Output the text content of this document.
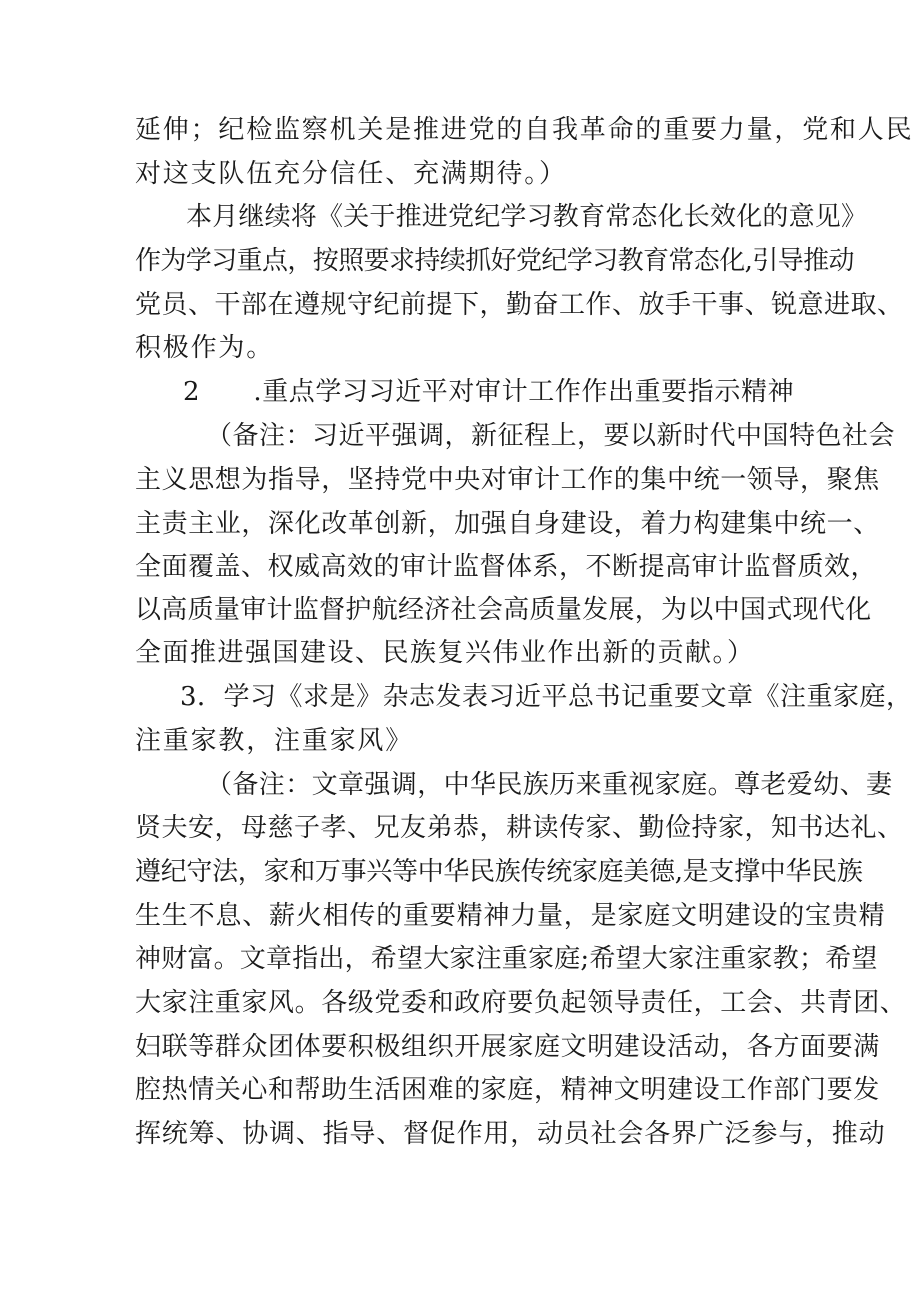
延伸；纪检监察机关是推进党的自我革命的重要力量，党和人民
对这支队伍充分信任、充满期待。）
本月继续将《关于推进党纪学习教育常态化长效化的意见》
作为学习重点，按照要求持续抓好党纪学习教育常态化,引导推动
党员、干部在遵规守纪前提下，勤奋工作、放手干事、锐意进取、
积极作为。
2　　.重点学习习近平对审计工作作出重要指示精神
（备注：习近平强调，新征程上，要以新时代中国特色社会
主义思想为指导，坚持党中央对审计工作的集中统一领导，聚焦
主责主业，深化改革创新，加强自身建设，着力构建集中统一、
全面覆盖、权威高效的审计监督体系，不断提高审计监督质效，
以高质量审计监督护航经济社会高质量发展，为以中国式现代化
全面推进强国建设、民族复兴伟业作出新的贡献。）
3．学习《求是》杂志发表习近平总书记重要文章《注重家庭，
注重家教，注重家风》
（备注：文章强调，中华民族历来重视家庭。尊老爱幼、妻
贤夫安，母慈子孝、兄友弟恭，耕读传家、勤俭持家，知书达礼、
遵纪守法，家和万事兴等中华民族传统家庭美德,是支撑中华民族
生生不息、薪火相传的重要精神力量，是家庭文明建设的宝贵精
神财富。文章指出，希望大家注重家庭;希望大家注重家教；希望
大家注重家风。各级党委和政府要负起领导责任，工会、共青团、
妇联等群众团体要积极组织开展家庭文明建设活动，各方面要满
腔热情关心和帮助生活困难的家庭，精神文明建设工作部门要发
挥统筹、协调、指导、督促作用，动员社会各界广泛参与，推动
